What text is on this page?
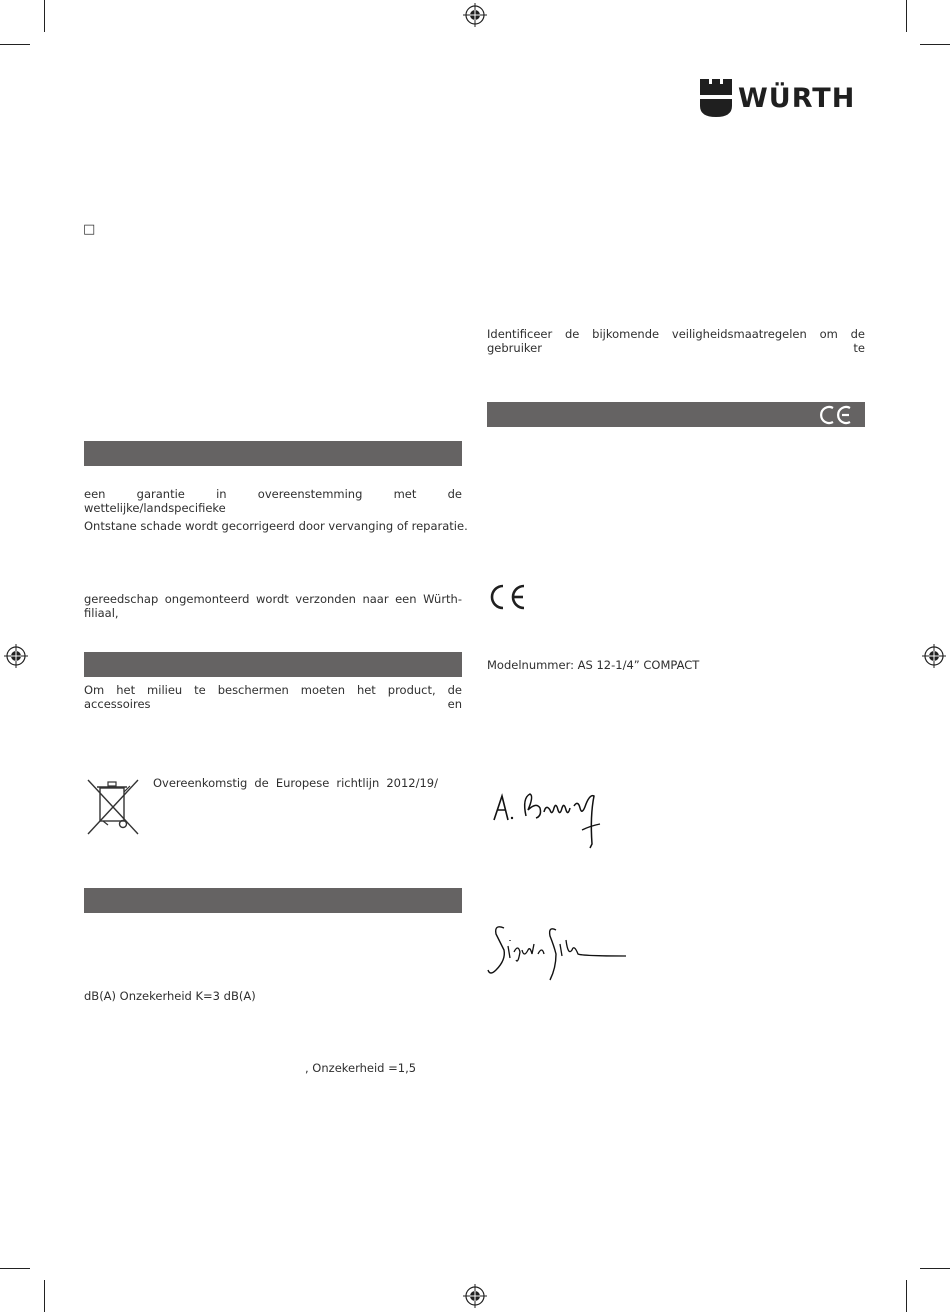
WÜRTH
□
een garantie in overeenstemming met de wettelijke/landspecifieke
Ontstane schade wordt gecorrigeerd door vervanging of reparatie.
gereedschap ongemonteerd wordt verzonden naar een Würth-filiaal,
Om het milieu te beschermen moeten het product, de accessoires en
Overeenkomstig de Europese richtlijn 2012/19/
dB(A) Onzekerheid K=3 dB(A)
, Onzekerheid =1,5
Identificeer de bijkomende veiligheidsmaatregelen om de gebruiker te
Modelnummer: AS 12-1/4” COMPACT
